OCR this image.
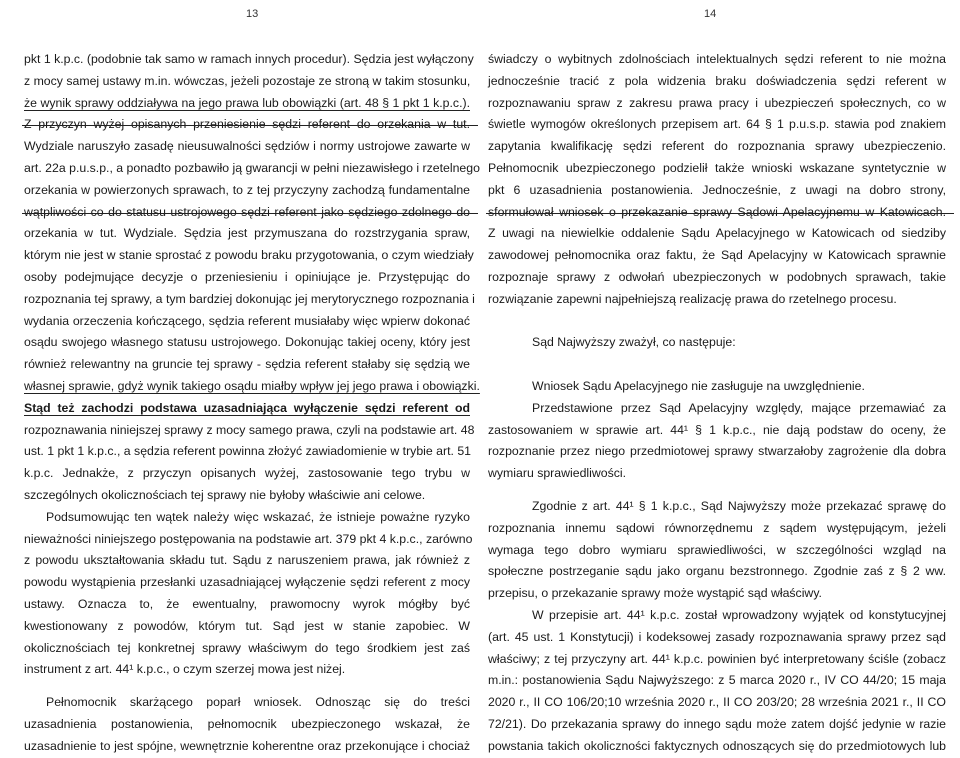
13
pkt 1 k.p.c. (podobnie tak samo w ramach innych procedur). Sędzia jest wyłączony
z mocy samej ustawy m.in. wówczas, jeżeli pozostaje ze stroną w takim stosunku,
że wynik sprawy oddziaływa na jego prawa lub obowiązki (art. 48 § 1 pkt 1 k.p.c.).
Z przyczyn wyżej opisanych przeniesienie sędzi referent do orzekania w tut.
Wydziale naruszyło zasadę nieusuwalności sędziów i normy ustrojowe zawarte w
art. 22a p.u.s.p., a ponadto pozbawiło ją gwarancji w pełni niezawisłego i rzetelnego
orzekania w powierzonych sprawach, to z tej przyczyny zachodzą fundamentalne
wątpliwości co do statusu ustrojowego sędzi referent jako sędziego zdolnego do
orzekania w tut. Wydziale. Sędzia jest przymuszana do rozstrzygania spraw,
którym nie jest w stanie sprostać z powodu braku przygotowania, o czym wiedziały
osoby podejmujące decyzje o przeniesieniu i opiniujące je. Przystępując do
rozpoznania tej sprawy, a tym bardziej dokonując jej merytorycznego rozpoznania i
wydania orzeczenia kończącego, sędzia referent musiałaby więc wpierw dokonać
osądu swojego własnego statusu ustrojowego. Dokonując takiej oceny, który jest
również relewantny na gruncie tej sprawy - sędzia referent stałaby się sędzią we
własnej sprawie, gdyż wynik takiego osądu miałby wpływ jej jego prawa i obowiązki.
Stąd też zachodzi podstawa uzasadniająca wyłączenie sędzi referent od
rozpoznawania niniejszej sprawy z mocy samego prawa, czyli na podstawie art. 48
ust. 1 pkt 1 k.p.c., a sędzia referent powinna złożyć zawiadomienie w trybie art. 51
k.p.c. Jednakże, z przyczyn opisanych wyżej, zastosowanie tego trybu w
szczególnych okolicznościach tej sprawy nie byłoby właściwie ani celowe.
Podsumowując ten wątek należy więc wskazać, że istnieje poważne ryzyko
nieważności niniejszego postępowania na podstawie art. 379 pkt 4 k.p.c., zarówno
z powodu ukształtowania składu tut. Sądu z naruszeniem prawa, jak również z
powodu wystąpienia przesłanki uzasadniającej wyłączenie sędzi referent z mocy
ustawy. Oznacza to, że ewentualny, prawomocny wyrok mógłby być
kwestionowany z powodów, którym tut. Sąd jest w stanie zapobiec. W
okolicznościach tej konkretnej sprawy właściwym do tego środkiem jest zaś
instrument z art. 44¹ k.p.c., o czym szerzej mowa jest niżej.
Pełnomocnik skarżącego poparł wniosek. Odnosząc się do treści
uzasadnienia postanowienia, pełnomocnik ubezpieczonego wskazał, że
uzasadnienie to jest spójne, wewnętrznie koherentne oraz przekonujące i chociaż
14
świadczy o wybitnych zdolnościach intelektualnych sędzi referent to nie można
jednocześnie tracić z pola widzenia braku doświadczenia sędzi referent w
rozpoznawaniu spraw z zakresu prawa pracy i ubezpieczeń społecznych, co w
świetle wymogów określonych przepisem art. 64 § 1 p.u.s.p. stawia pod znakiem
zapytania kwalifikację sędzi referent do rozpoznania sprawy ubezpieczenio.
Pełnomocnik ubezpieczonego podzielił także wnioski wskazane syntetycznie w
pkt 6 uzasadnienia postanowienia. Jednocześnie, z uwagi na dobro strony,
sformułował wniosek o przekazanie sprawy Sądowi Apelacyjnemu w Katowicach.
Z uwagi na niewielkie oddalenie Sądu Apelacyjnego w Katowicach od siedziby
zawodowej pełnomocnika oraz faktu, że Sąd Apelacyjny w Katowicach sprawnie
rozpoznaje sprawy z odwołań ubezpieczonych w podobnych sprawach, takie
rozwiązanie zapewni najpełniejszą realizację prawa do rzetelnego procesu.
Sąd Najwyższy zważył, co następuje:
Wniosek Sądu Apelacyjnego nie zasługuje na uwzględnienie.
Przedstawione przez Sąd Apelacyjny względy, mające przemawiać za
zastosowaniem w sprawie art. 44¹ § 1 k.p.c., nie dają podstaw do oceny, że
rozpoznanie przez niego przedmiotowej sprawy stwarzałoby zagrożenie dla dobra
wymiaru sprawiedliwości.
Zgodnie z art. 44¹ § 1 k.p.c., Sąd Najwyższy może przekazać sprawę do
rozpoznania innemu sądowi równorzędnemu z sądem występującym, jeżeli
wymaga tego dobro wymiaru sprawiedliwości, w szczególności wzgląd na
społeczne postrzeganie sądu jako organu bezstronnego. Zgodnie zaś z § 2 ww.
przepisu, o przekazanie sprawy może wystąpić sąd właściwy.
W przepisie art. 44¹ k.p.c. został wprowadzony wyjątek od konstytucyjnej
(art. 45 ust. 1 Konstytucji) i kodeksowej zasady rozpoznawania sprawy przez sąd
właściwy; z tej przyczyny art. 44¹ k.p.c. powinien być interpretowany ściśle (zobacz
m.in.: postanowienia Sądu Najwyższego: z 5 marca 2020 r., IV CO 44/20; 15 maja
2020 r., II CO 106/20;10 września 2020 r., II CO 203/20; 28 września 2021 r., II CO
72/21). Do przekazania sprawy do innego sądu może zatem dojść jedynie w razie
powstania takich okoliczności faktycznych odnoszących się do przedmiotowych lub
